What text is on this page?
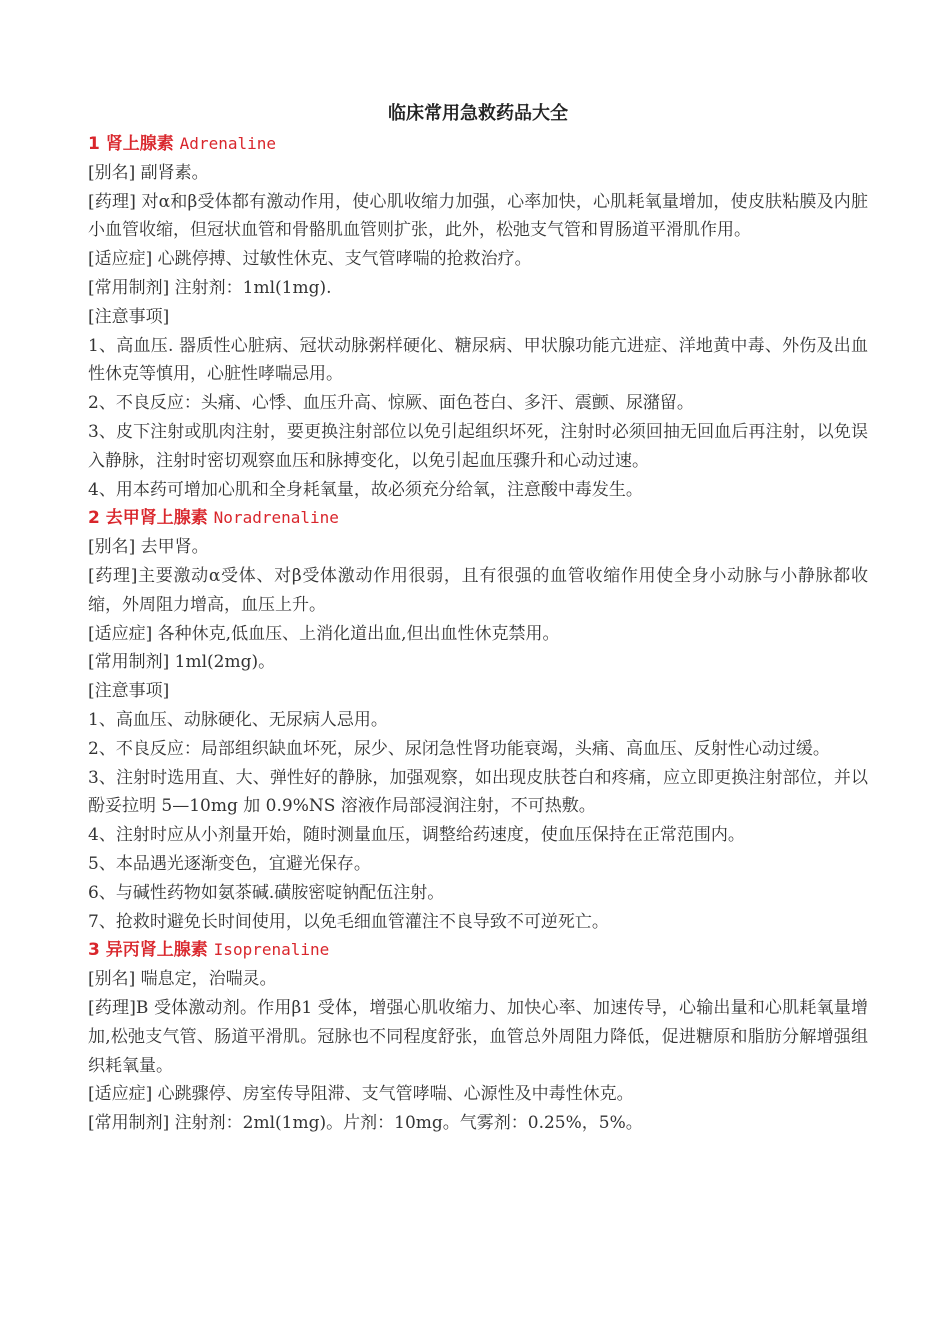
临床常用急救药品大全

1 肾上腺素 Adrenaline

[别名] 副肾素。

[药理] 对α和β受体都有激动作用，使心肌收缩力加强，心率加快，心肌耗氧量增加，使皮肤粘膜及内脏小血管收缩，但冠状血管和骨骼肌血管则扩张，此外，松弛支气管和胃肠道平滑肌作用。

[适应症] 心跳停搏、过敏性休克、支气管哮喘的抢救治疗。

[常用制剂] 注射剂：1ml(1mg).

[注意事项]

1、高血压. 器质性心脏病、冠状动脉粥样硬化、糖尿病、甲状腺功能亢进症、洋地黄中毒、外伤及出血性休克等慎用，心脏性哮喘忌用。

2、不良反应：头痛、心悸、血压升高、惊厥、面色苍白、多汗、震颤、尿潴留。

3、皮下注射或肌肉注射，要更换注射部位以免引起组织坏死，注射时必须回抽无回血后再注射，以免误入静脉，注射时密切观察血压和脉搏变化，以免引起血压骤升和心动过速。

4、用本药可增加心肌和全身耗氧量，故必须充分给氧，注意酸中毒发生。

2 去甲肾上腺素 Noradrenaline

[别名] 去甲肾。

[药理]主要激动α受体、对β受体激动作用很弱，且有很强的血管收缩作用使全身小动脉与小静脉都收缩，外周阻力增高，血压上升。

[适应症] 各种休克,低血压、上消化道出血,但出血性休克禁用。

[常用制剂] 1ml(2mg)。

[注意事项]

1、高血压、动脉硬化、无尿病人忌用。

2、不良反应：局部组织缺血坏死，尿少、尿闭急性肾功能衰竭，头痛、高血压、反射性心动过缓。

3、注射时选用直、大、弹性好的静脉，加强观察，如出现皮肤苍白和疼痛，应立即更换注射部位，并以酚妥拉明 5—10mg 加 0.9%NS 溶液作局部浸润注射，不可热敷。

4、注射时应从小剂量开始，随时测量血压，调整给药速度，使血压保持在正常范围内。

5、本品遇光逐渐变色，宜避光保存。

6、与碱性药物如氨茶碱.磺胺密啶钠配伍注射。

7、抢救时避免长时间使用，以免毛细血管灌注不良导致不可逆死亡。

3 异丙肾上腺素 Isoprenaline

[别名] 喘息定，治喘灵。

[药理]B 受体激动剂。作用β1 受体，增强心肌收缩力、加快心率、加速传导，心输出量和心肌耗氧量增加,松弛支气管、肠道平滑肌。冠脉也不同程度舒张，血管总外周阻力降低，促进糖原和脂肪分解增强组织耗氧量。

[适应症] 心跳骤停、房室传导阻滞、支气管哮喘、心源性及中毒性休克。

[常用制剂] 注射剂：2ml(1mg)。片剂：10mg。气雾剂：0.25%，5%。
